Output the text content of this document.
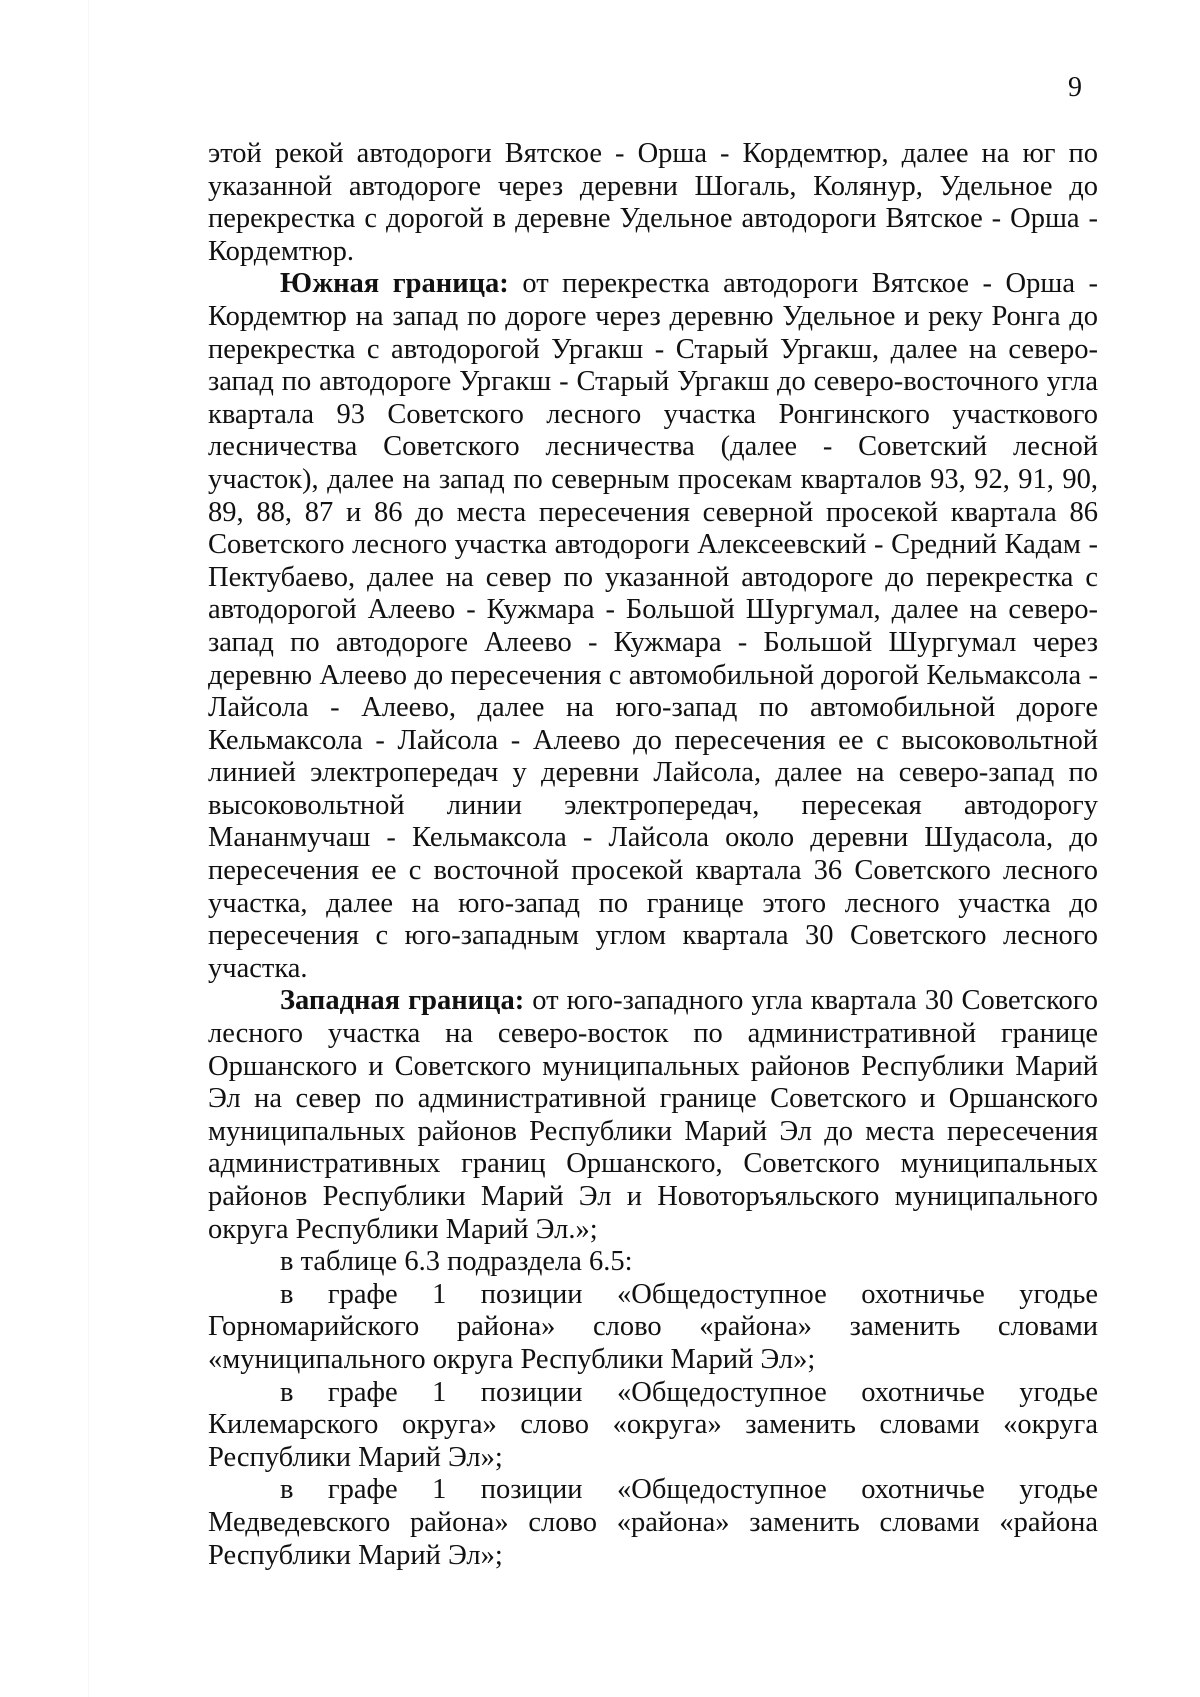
9

этой рекой автодороги Вятское - Орша - Кордемтюр, далее на юг по указанной автодороге через деревни Шогаль, Колянур, Удельное до перекрестка с дорогой в деревне Удельное автодороги Вятское - Орша - Кордемтюр.

Южная граница: от перекрестка автодороги Вятское - Орша - Кордемтюр на запад по дороге через деревню Удельное и реку Ронга до перекрестка с автодорогой Ургакш - Старый Ургакш, далее на северо-запад по автодороге Ургакш - Старый Ургакш до северо-восточного угла квартала 93 Советского лесного участка Ронгинского участкового лесничества Советского лесничества (далее - Советский лесной участок), далее на запад по северным просекам кварталов 93, 92, 91, 90, 89, 88, 87 и 86 до места пересечения северной просекой квартала 86 Советского лесного участка автодороги Алексеевский - Средний Кадам - Пектубаево, далее на север по указанной автодороге до перекрестка с автодорогой Алеево - Кужмара - Большой Шургумал, далее на северо-запад по автодороге Алеево - Кужмара - Большой Шургумал через деревню Алеево до пересечения с автомобильной дорогой Кельмаксола - Лайсола - Алеево, далее на юго-запад по автомобильной дороге Кельмаксола - Лайсола - Алеево до пересечения ее с высоковольтной линией электропередач у деревни Лайсола, далее на северо-запад по высоковольтной линии электропередач, пересекая автодорогу Мананмучаш - Кельмаксола - Лайсола около деревни Шудасола, до пересечения ее с восточной просекой квартала 36 Советского лесного участка, далее на юго-запад по границе этого лесного участка до пересечения с юго-западным углом квартала 30 Советского лесного участка.

Западная граница: от юго-западного угла квартала 30 Советского лесного участка на северо-восток по административной границе Оршанского и Советского муниципальных районов Республики Марий Эл на север по административной границе Советского и Оршанского муниципальных районов Республики Марий Эл до места пересечения административных границ Оршанского, Советского муниципальных районов Республики Марий Эл и Новоторъяльского муниципального округа Республики Марий Эл.»;

в таблице 6.3 подраздела 6.5:

в графе 1 позиции «Общедоступное охотничье угодье Горномарийского района» слово «района» заменить словами «муниципального округа Республики Марий Эл»;

в графе 1 позиции «Общедоступное охотничье угодье Килемарского округа» слово «округа» заменить словами «округа Республики Марий Эл»;

в графе 1 позиции «Общедоступное охотничье угодье Медведевского района» слово «района» заменить словами «района Республики Марий Эл»;
